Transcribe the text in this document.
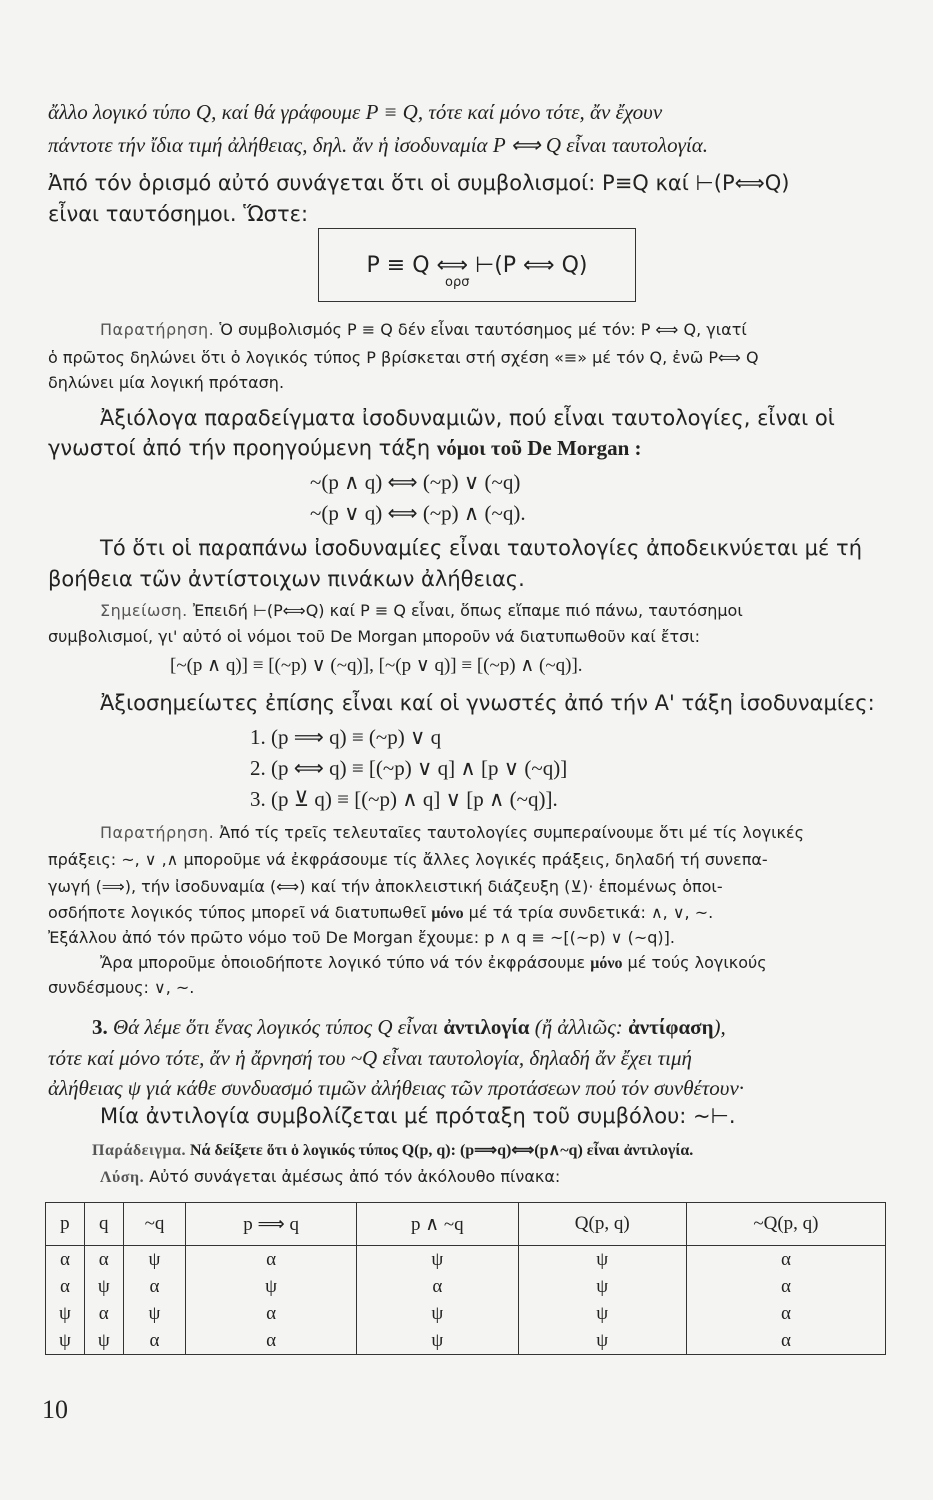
ἄλλο λογικό τύπο Q, καί θά γράφουμε P ≡ Q, τότε καί μόνο τότε, ἄν ἔχουν
πάντοτε τήν ἴδια τιμή ἀλήθειας, δηλ. ἄν ἡ ἰσοδυναμία P ⟺ Q εἶναι ταυτολογία.
Ἀπό τόν ὁρισμό αὐτό συνάγεται ὅτι οἱ συμβολισμοί: P≡Q καί ⊢(P⟺Q)
εἶναι ταυτόσημοι. Ὥστε:
P ≡ Q ⟺ ⊢(P ⟺ Q)
ορσ
Παρατήρηση. Ὁ συμβολισμός P ≡ Q δέν εἶναι ταυτόσημος μέ τόν: P ⟺ Q, γιατί
ὁ πρῶτος δηλώνει ὅτι ὁ λογικός τύπος P βρίσκεται στή σχέση «≡» μέ τόν Q, ἐνῶ P⟺ Q
δηλώνει μία λογική πρόταση.
Ἀξιόλογα παραδείγματα ἰσοδυναμιῶν, πού εἶναι ταυτολογίες, εἶναι οἱ
γνωστοί ἀπό τήν προηγούμενη τάξη νόμοι τοῦ De Morgan :
~(p ∧ q) ⟺ (~p) ∨ (~q)
~(p ∨ q) ⟺ (~p) ∧ (~q).
Τό ὅτι οἱ παραπάνω ἰσοδυναμίες εἶναι ταυτολογίες ἀποδεικνύεται μέ τή
βοήθεια τῶν ἀντίστοιχων πινάκων ἀλήθειας.
Σημείωση. Ἐπειδή ⊢(P⟺Q) καί P ≡ Q εἶναι, ὅπως εἴπαμε πιό πάνω, ταυτόσημοι
συμβολισμοί, γι' αὐτό οἱ νόμοι τοῦ De Morgan μποροῦν νά διατυπωθοῦν καί ἔτσι:
[~(p ∧ q)] ≡ [(~p) ∨ (~q)], [~(p ∨ q)] ≡ [(~p) ∧ (~q)].
Ἀξιοσημείωτες ἐπίσης εἶναι καί οἱ γνωστές ἀπό τήν Α' τάξη ἰσοδυναμίες:
1. (p ⟹ q) ≡ (~p) ∨ q
2. (p ⟺ q) ≡ [(~p) ∨ q] ∧ [p ∨ (~q)]
3. (p ⊻ q) ≡ [(~p) ∧ q] ∨ [p ∧ (~q)].
Παρατήρηση. Ἀπό τίς τρεῖς τελευταῖες ταυτολογίες συμπεραίνουμε ὅτι μέ τίς λογικές
πράξεις: ~, ∨ ,∧ μποροῦμε νά ἐκφράσουμε τίς ἄλλες λογικές πράξεις, δηλαδή τή συνεπα-
γωγή (⟹), τήν ἰσοδυναμία (⟺) καί τήν ἀποκλειστική διάζευξη (⊻)· ἑπομένως ὁποι-
οσδήποτε λογικός τύπος μπορεῖ νά διατυπωθεῖ μόνο μέ τά τρία συνδετικά: ∧, ∨, ~.
Ἐξάλλου ἀπό τόν πρῶτο νόμο τοῦ De Morgan ἔχουμε: p ∧ q ≡ ~[(~p) ∨ (~q)].
Ἄρα μποροῦμε ὁποιοδήποτε λογικό τύπο νά τόν ἐκφράσουμε μόνο μέ τούς λογικούς
συνδέσμους: ∨, ~.
3. Θά λέμε ὅτι ἕνας λογικός τύπος Q εἶναι ἀντιλογία (ἤ ἀλλιῶς: ἀντίφαση),
τότε καί μόνο τότε, ἄν ἡ ἄρνησή του ~Q εἶναι ταυτολογία, δηλαδή ἄν ἔχει τιμή
ἀλήθειας ψ γιά κάθε συνδυασμό τιμῶν ἀλήθειας τῶν προτάσεων πού τόν συνθέτουν·
Μία ἀντιλογία συμβολίζεται μέ πρόταξη τοῦ συμβόλου: ~⊢.
Παράδειγμα. Νά δείξετε ὅτι ὁ λογικός τύπος Q(p, q): (p⟹q)⟺(p∧~q) εἶναι ἀντιλογία.
Λύση. Αὐτό συνάγεται ἀμέσως ἀπό τόν ἀκόλουθο πίνακα:
p	q	~q	p ⟹ q	p ∧ ~q	Q(p, q)	~Q(p, q)
α	α	ψ	α	ψ	ψ	α
α	ψ	α	ψ	α	ψ	α
ψ	α	ψ	α	ψ	ψ	α
ψ	ψ	α	α	ψ	ψ	α
10
